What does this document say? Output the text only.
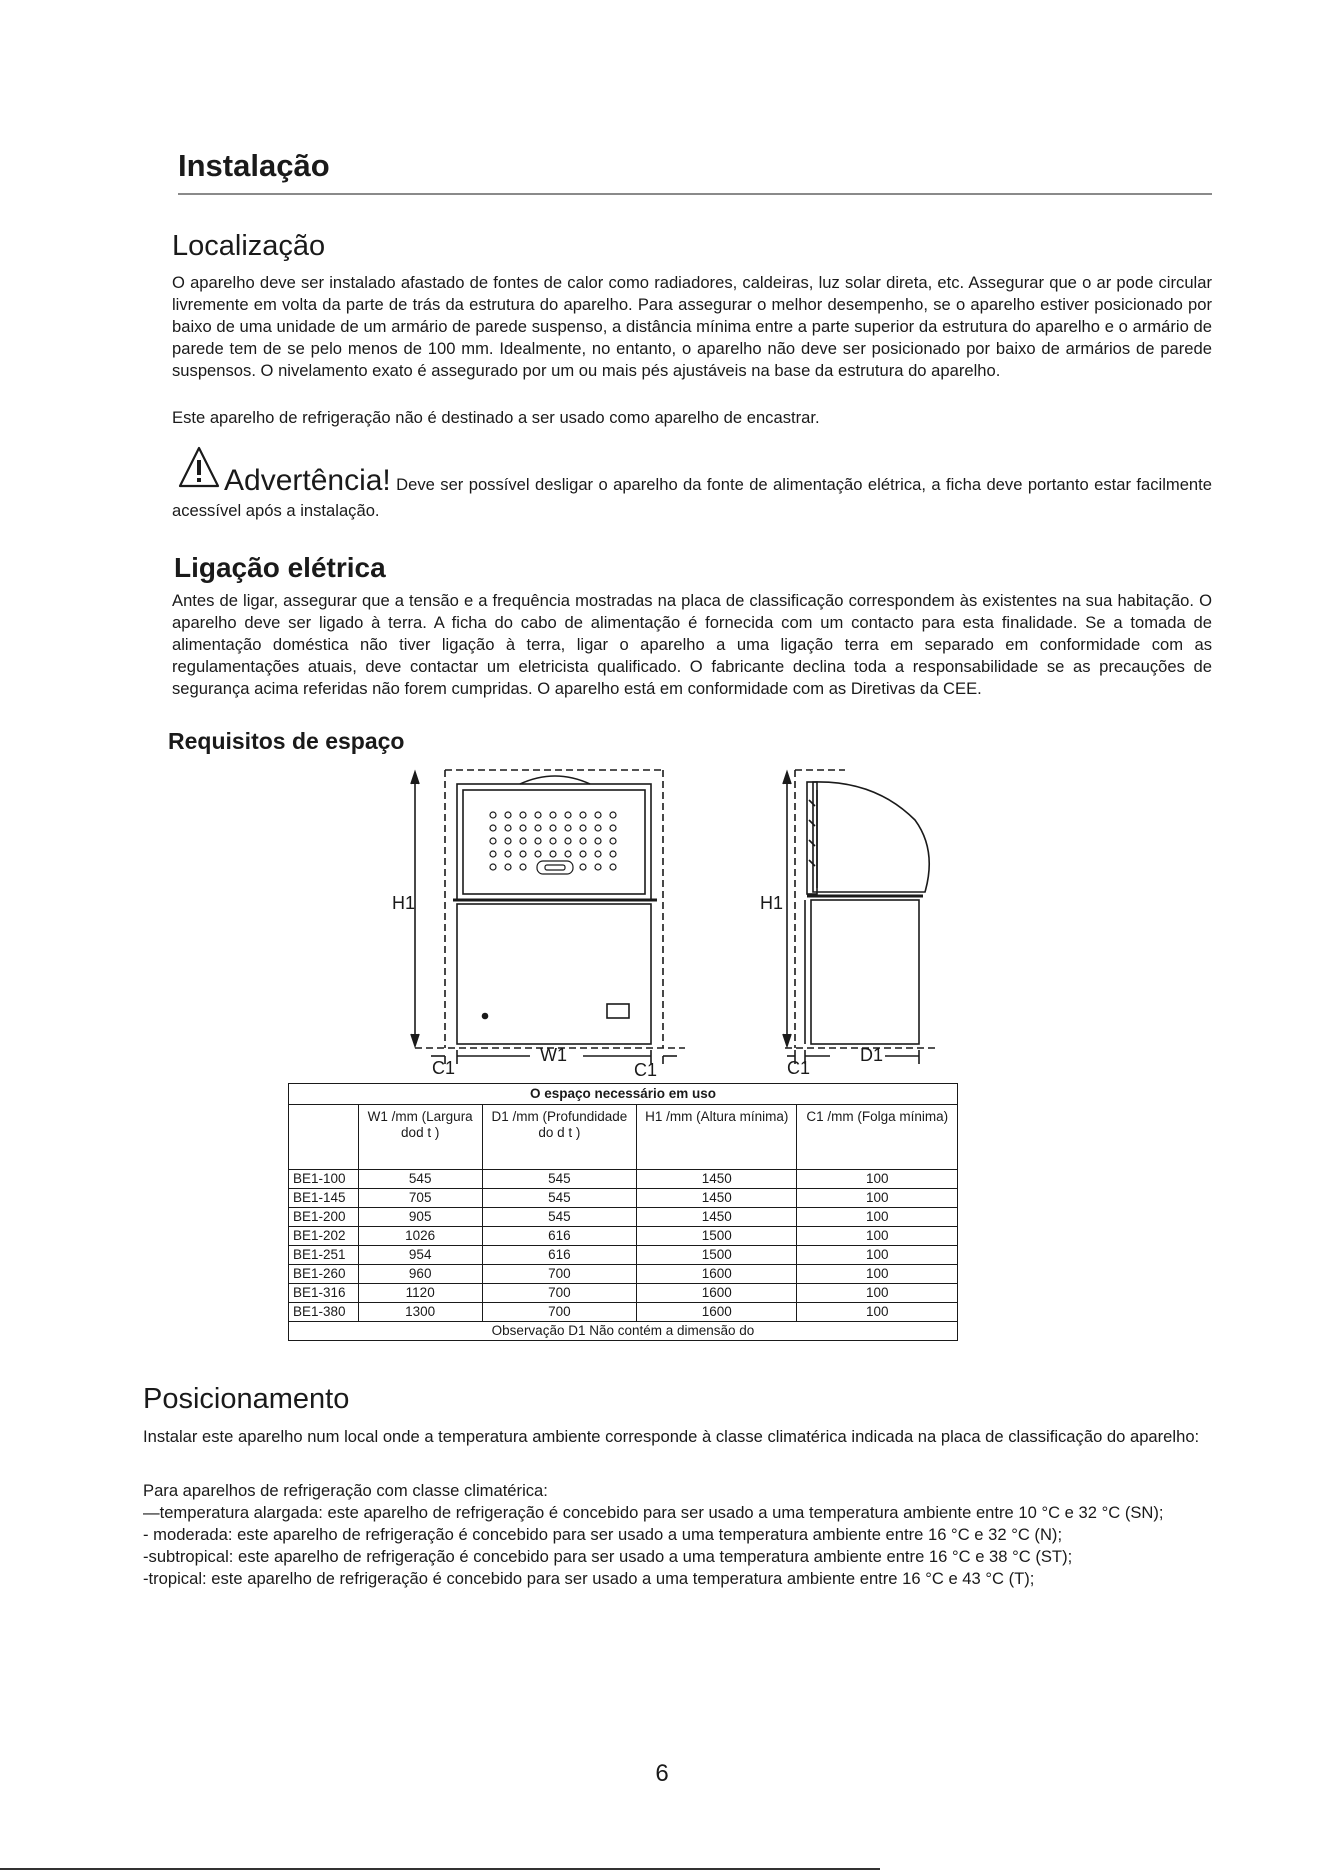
Instalação
Localização

O aparelho deve ser instalado afastado de fontes de calor como radiadores, caldeiras, luz solar direta, etc. Assegurar que o ar pode circular livremente em volta da parte de trás da estrutura do aparelho. Para assegurar o melhor desempenho, se o aparelho estiver posicionado por baixo de uma unidade de um armário de parede suspenso, a distância mínima entre a parte superior da estrutura do aparelho e o armário de parede tem de se pelo menos de 100 mm. Idealmente, no entanto, o aparelho não deve ser posicionado por baixo de armários de parede suspensos. O nivelamento exato é assegurado por um ou mais pés ajustáveis na base da estrutura do aparelho.

Este aparelho de refrigeração não é destinado a ser usado como aparelho de encastrar.

Advertência! Deve ser possível desligar o aparelho da fonte de alimentação elétrica, a ficha deve portanto estar facilmente acessível após a instalação.

Ligação elétrica

Antes de ligar, assegurar que a tensão e a frequência mostradas na placa de classificação correspondem às existentes na sua habitação. O aparelho deve ser ligado à terra. A ficha do cabo de alimentação é fornecida com um contacto para esta finalidade. Se a tomada de alimentação doméstica não tiver ligação à terra, ligar o aparelho a uma ligação terra em separado em conformidade com as regulamentações atuais, deve contactar um eletricista qualificado. O fabricante declina toda a responsabilidade se as precauções de segurança acima referidas não forem cumpridas. O aparelho está em conformidade com as Diretivas da CEE.

Requisitos de espaço
H1
W1
C1	C1
H1
D1
C1
O espaço necessário em uso				
	W1 /mm (Largura dod t )	D1 /mm (Profundidade do d t )	H1 /mm (Altura mínima)	C1 /mm (Folga mínima)
BE1-100	545	545	1450	100
BE1-145	705	545	1450	100
BE1-200	905	545	1450	100
BE1-202	1026	616	1500	100
BE1-251	954	616	1500	100
BE1-260	960	700	1600	100
BE1-316	1120	700	1600	100
BE1-380	1300	700	1600	100
Observação D1 Não contém a dimensão do				
Posicionamento

Instalar este aparelho num local onde a temperatura ambiente corresponde à classe climatérica indicada na placa de classificação do aparelho:

Para aparelhos de refrigeração com classe climatérica:

—temperatura alargada: este aparelho de refrigeração é concebido para ser usado a uma temperatura ambiente entre 10 °C e 32 °C (SN);

- moderada: este aparelho de refrigeração é concebido para ser usado a uma temperatura ambiente entre 16 °C e 32 °C (N);

-subtropical: este aparelho de refrigeração é concebido para ser usado a uma temperatura ambiente entre 16 °C e 38 °C (ST);

-tropical: este aparelho de refrigeração é concebido para ser usado a uma temperatura ambiente entre 16 °C e 43 °C (T);

6
